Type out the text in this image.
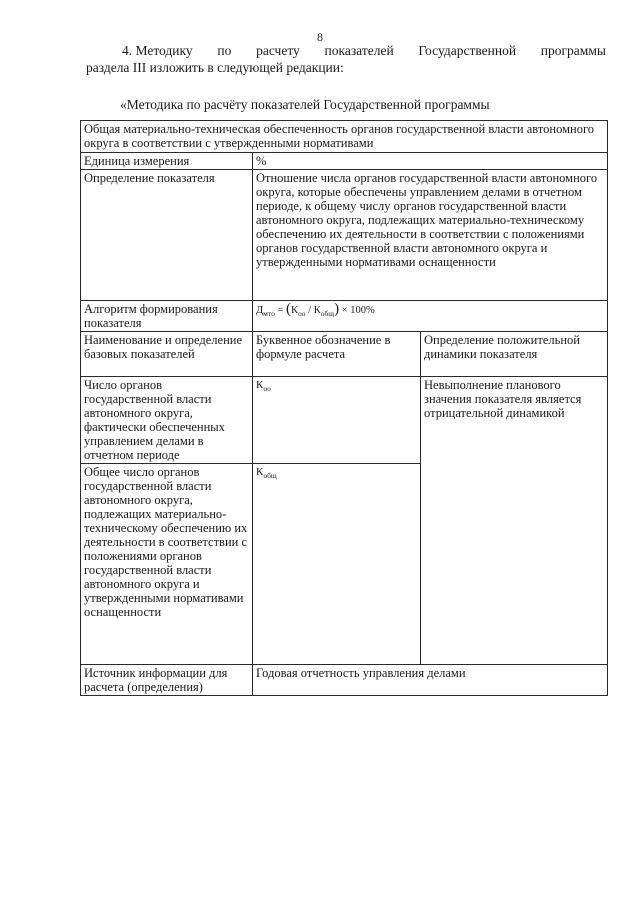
8
4. Методику по расчету показателей Государственной программы
раздела III изложить в следующей редакции:
«Методика по расчёту показателей Государственной программы
Общая материально-техническая обеспеченность органов государственной власти автономного округа в соответствии с утвержденными нормативами		
Единица измерения	%	
Определение показателя	Отношение числа органов государственной власти автономного округа, которые обеспечены управлением делами в отчетном периоде, к общему числу органов государственной власти автономного округа, подлежащих материально-техническому обеспечению их деятельности в соответствии с положениями органов государственной власти автономного округа и утвержденными нормативами оснащенности	
Алгоритм формирования показателя	$Д_{мто} = (К_{оо} / К_{общ}) \times 100\%$	
Наименование и определение базовых показателей	Буквенное обозначение в формуле расчета	Определение положительной динамики показателя
Число органов государственной власти автономного округа, фактически обеспеченных управлением делами в отчетном периоде	$К_{оо}$	Невыполнение планового значения показателя является отрицательной динамикой
Общее число органов государственной власти автономного округа, подлежащих материально-техническому обеспечению их деятельности в соответствии с положениями органов государственной власти автономного округа и утвержденными нормативами оснащенности	$К_{общ}$
Источник информации для расчета (определения)	Годовая отчетность управления делами	
